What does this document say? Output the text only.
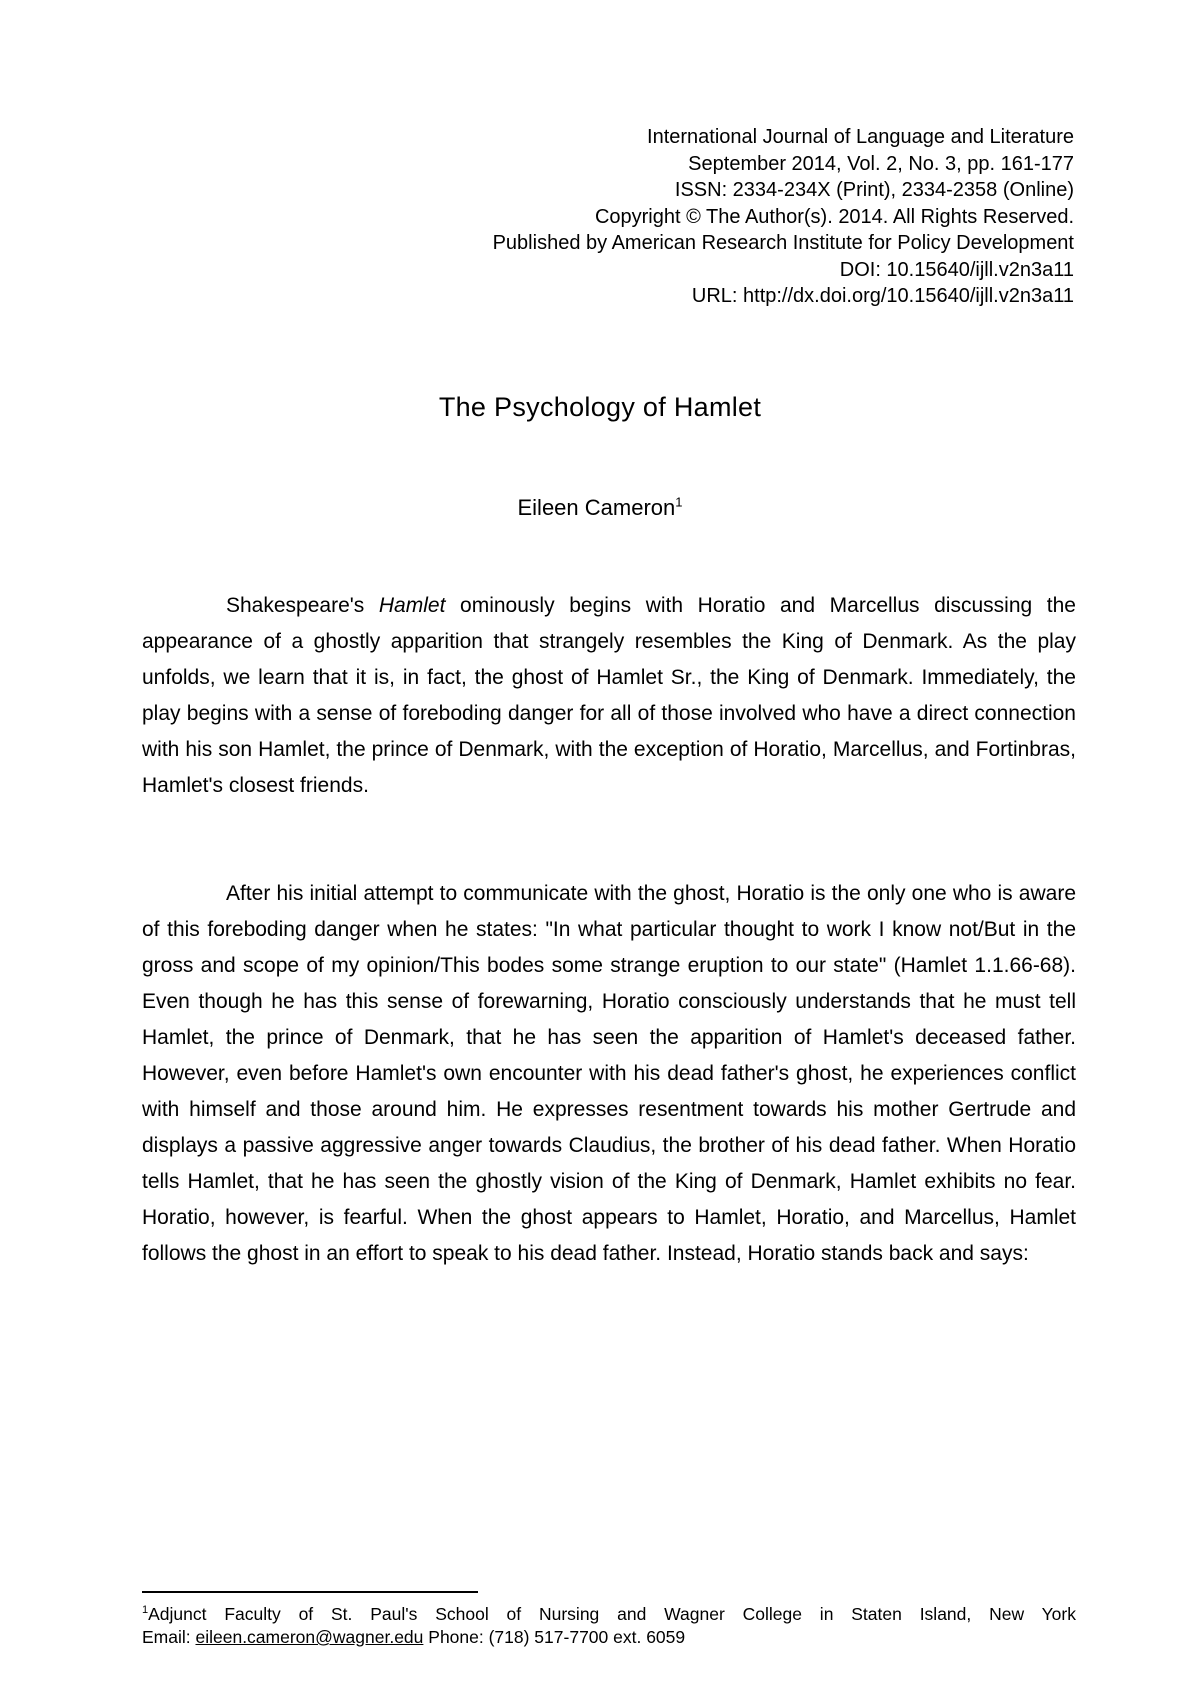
International Journal of Language and Literature
September 2014, Vol. 2, No. 3, pp. 161-177
ISSN: 2334-234X (Print), 2334-2358 (Online)
Copyright © The Author(s). 2014. All Rights Reserved.
Published by American Research Institute for Policy Development
DOI: 10.15640/ijll.v2n3a11
URL: http://dx.doi.org/10.15640/ijll.v2n3a11
The Psychology of Hamlet
Eileen Cameron$^1$

Shakespeare's Hamlet ominously begins with Horatio and Marcellus discussing the appearance of a ghostly apparition that strangely resembles the King of Denmark. As the play unfolds, we learn that it is, in fact, the ghost of Hamlet Sr., the King of Denmark. Immediately, the play begins with a sense of foreboding danger for all of those involved who have a direct connection with his son Hamlet, the prince of Denmark, with the exception of Horatio, Marcellus, and Fortinbras, Hamlet's closest friends.

After his initial attempt to communicate with the ghost, Horatio is the only one who is aware of this foreboding danger when he states: "In what particular thought to work I know not/But in the gross and scope of my opinion/This bodes some strange eruption to our state" (Hamlet 1.1.66-68). Even though he has this sense of forewarning, Horatio consciously understands that he must tell Hamlet, the prince of Denmark, that he has seen the apparition of Hamlet's deceased father. However, even before Hamlet's own encounter with his dead father's ghost, he experiences conflict with himself and those around him. He expresses resentment towards his mother Gertrude and displays a passive aggressive anger towards Claudius, the brother of his dead father. When Horatio tells Hamlet, that he has seen the ghostly vision of the King of Denmark, Hamlet exhibits no fear. Horatio, however, is fearful. When the ghost appears to Hamlet, Horatio, and Marcellus, Hamlet follows the ghost in an effort to speak to his dead father. Instead, Horatio stands back and says:

$^1$Adjunct Faculty of St. Paul's School of Nursing and Wagner College in Staten Island, New York
Email: eileen.cameron@wagner.edu Phone: (718) 517-7700 ext. 6059
